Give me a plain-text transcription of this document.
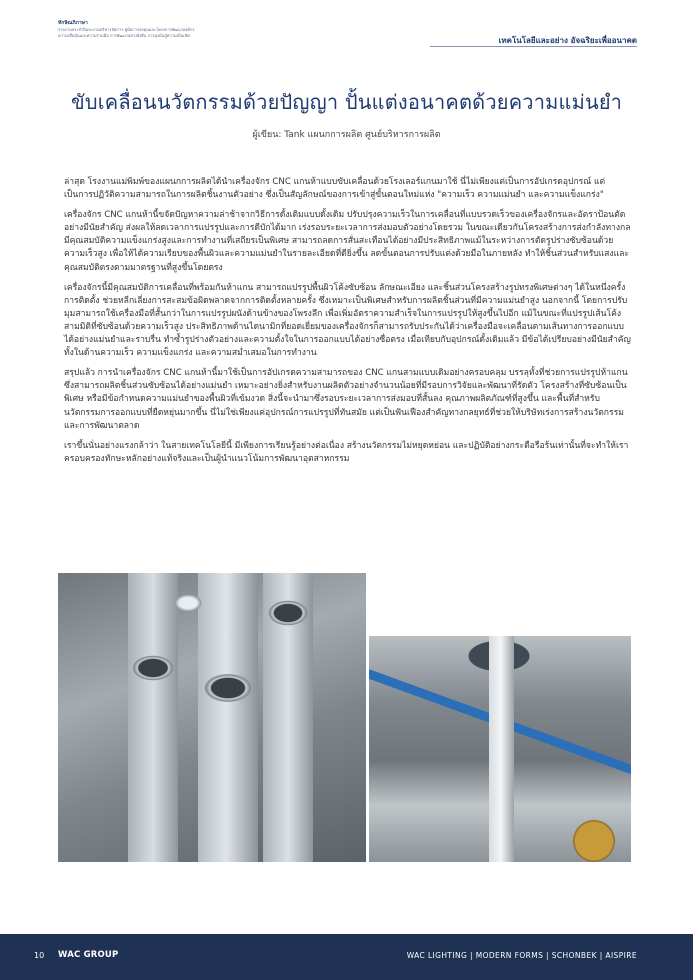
ทักษิณภิภาษา
รายงานประจำปีและงานบริหารจัดการ คู่มือการลงทุนและโครงการพัฒนาองค์กร
ความเชื่อมั่นและความร่วมมือ การพัฒนาอย่างยั่งยืน การมุ่งมั่นสู่ความเป็นเลิศ
เทคโนโลยีและอย่าง อัจฉริยะเพื่ออนาคต
ขับเคลื่อนนวัตกรรมด้วยปัญญา ปั้นแต่งอนาคตด้วยความแม่นยำ
ผู้เขียน: Tank แผนกการผลิต ศูนย์บริหารการผลิต

ล่าสุด โรงงานแม่พิมพ์ของแผนกการผลิตได้นำเครื่องจักร CNC แกนห้าแบบขับเคลื่อนด้วยโรงเลอร์แกนมาใช้ นี่ไม่เพียงแต่เป็นการอัปเกรดอุปกรณ์ แต่เป็นการปฏิวัติความสามารถในการผลิตชิ้นงานตัวอย่าง ซึ่งเป็นสัญลักษณ์ของการเข้าสู่ขั้นตอนใหม่แห่ง "ความเร็ว ความแม่นยำ และความแข็งแกร่ง"

เครื่องจักร CNC แกนห้านี้ขจัดปัญหาความล่าช้าจากวิธีการดั้งเดิมแบบดั้งเดิม ปรับปรุงความเร็วในการเคลื่อนที่แบบรวดเร็วของเครื่องจักรและอัตราป้อนตัดอย่างมีนัยสำคัญ ส่งผลให้ลดเวลาการแปรรูปและการดีบักได้มาก เร่งรอบระยะเวลาการส่งมอบตัวอย่างโดยรวม ในขณะเดียวกันโครงสร้างการส่งกำลังทางกลมีคุณสมบัติความแข็งแกร่งสูงและการทำงานที่เสถียรเป็นพิเศษ สามารถลดการสั่นสะเทือนได้อย่างมีประสิทธิภาพแม้ในระหว่างการตัดรูปร่างซับซ้อนด้วยความเร็วสูง เพื่อให้ได้ความเรียบของพื้นผิวและความแม่นยำในรายละเอียดที่ดียิ่งขึ้น ลดขั้นตอนการปรับแต่งด้วยมือในภายหลัง ทำให้ชิ้นส่วนสำหรับแสงและคุณสมบัติตรงตามมาตรฐานที่สูงขึ้นโดยตรง

เครื่องจักรนี้มีคุณสมบัติการเคลื่อนที่พร้อมกันห้าแกน สามารถแปรรูปพื้นผิวโค้งซับซ้อน ลักษณะเอียง และชิ้นส่วนโครงสร้างรูปทรงพิเศษต่างๆ ได้ในหนึ่งครั้งการติดตั้ง ช่วยหลีกเลี่ยงการสะสมข้อผิดพลาดจากการติดตั้งหลายครั้ง ซึ่งเหมาะเป็นพิเศษสำหรับการผลิตชิ้นส่วนที่มีความแม่นยำสูง นอกจากนี้ โดยการปรับมุมสามารถใช้เครื่องมือที่สั้นกว่าในการแปรรูปผนังด้านข้างของโพรงลึก เพื่อเพิ่มอัตราความสำเร็จในการแปรรูปให้สูงขึ้นไปอีก แม้ในขณะที่แปรรูปเส้นโค้งสามมิติที่ซับซ้อนด้วยความเร็วสูง ประสิทธิภาพด้านไดนามิกที่ยอดเยี่ยมของเครื่องจักรก็สามารถรับประกันได้ว่าเครื่องมือจะเคลื่อนตามเส้นทางการออกแบบได้อย่างแม่นยำและราบรื่น ทำซ้ำรูปร่างตัวอย่างและความตั้งใจในการออกแบบได้อย่างซื่อตรง เมื่อเทียบกับอุปกรณ์ดั้งเดิมแล้ว มีข้อได้เปรียบอย่างมีนัยสำคัญทั้งในด้านความเร็ว ความแข็งแกร่ง และความสม่ำเสมอในการทำงาน

สรุปแล้ว การนำเครื่องจักร CNC แกนห้านี้มาใช้เป็นการอัปเกรดความสามารถของ CNC แกนสามแบบเดิมอย่างครอบคลุม บรรลุทั้งที่ช่วยการแปรรูปห้าแกน ซึ่งสามารถผลิตชิ้นส่วนซับซ้อนได้อย่างแม่นยำ เหมาะอย่างยิ่งสำหรับงานผลิตตัวอย่างจำนวนน้อยที่มีรอบการวิจัยและพัฒนาที่รัดตัว โครงสร้างที่ซับซ้อนเป็นพิเศษ หรือมีข้อกำหนดความแม่นยำของพื้นผิวที่เข้มงวด สิ่งนี้จะนำมาซึ่งรอบระยะเวลาการส่งมอบที่สั้นลง คุณภาพผลิตภัณฑ์ที่สูงขึ้น และพื้นที่สำหรับนวัตกรรมการออกแบบที่ยืดหยุ่นมากขึ้น นี่ไม่ใช่เพียงแค่อุปกรณ์การแปรรูปที่ทันสมัย แต่เป็นฟันเฟืองสำคัญทางกลยุทธ์ที่ช่วยให้บริษัทเร่งการสร้างนวัตกรรมและการพัฒนาตลาด

เราขึ้นนั่นอย่างแรงกล้าว่า ในสายเทคโนโลยีนี้ มีเพียงการเรียนรู้อย่างต่อเนื่อง สร้างนวัตกรรมไม่หยุดหย่อน และปฏิบัติอย่างกระตือรือร้นเท่านั้นที่จะทำให้เราครอบครองทักษะหลักอย่างแท้จริงและเป็นผู้นำแนวโน้มการพัฒนาอุตสาหกรรม

10 WAC GROUP	WAC LIGHTING | MODERN FORMS | SCHONBEK | AISPIRE
